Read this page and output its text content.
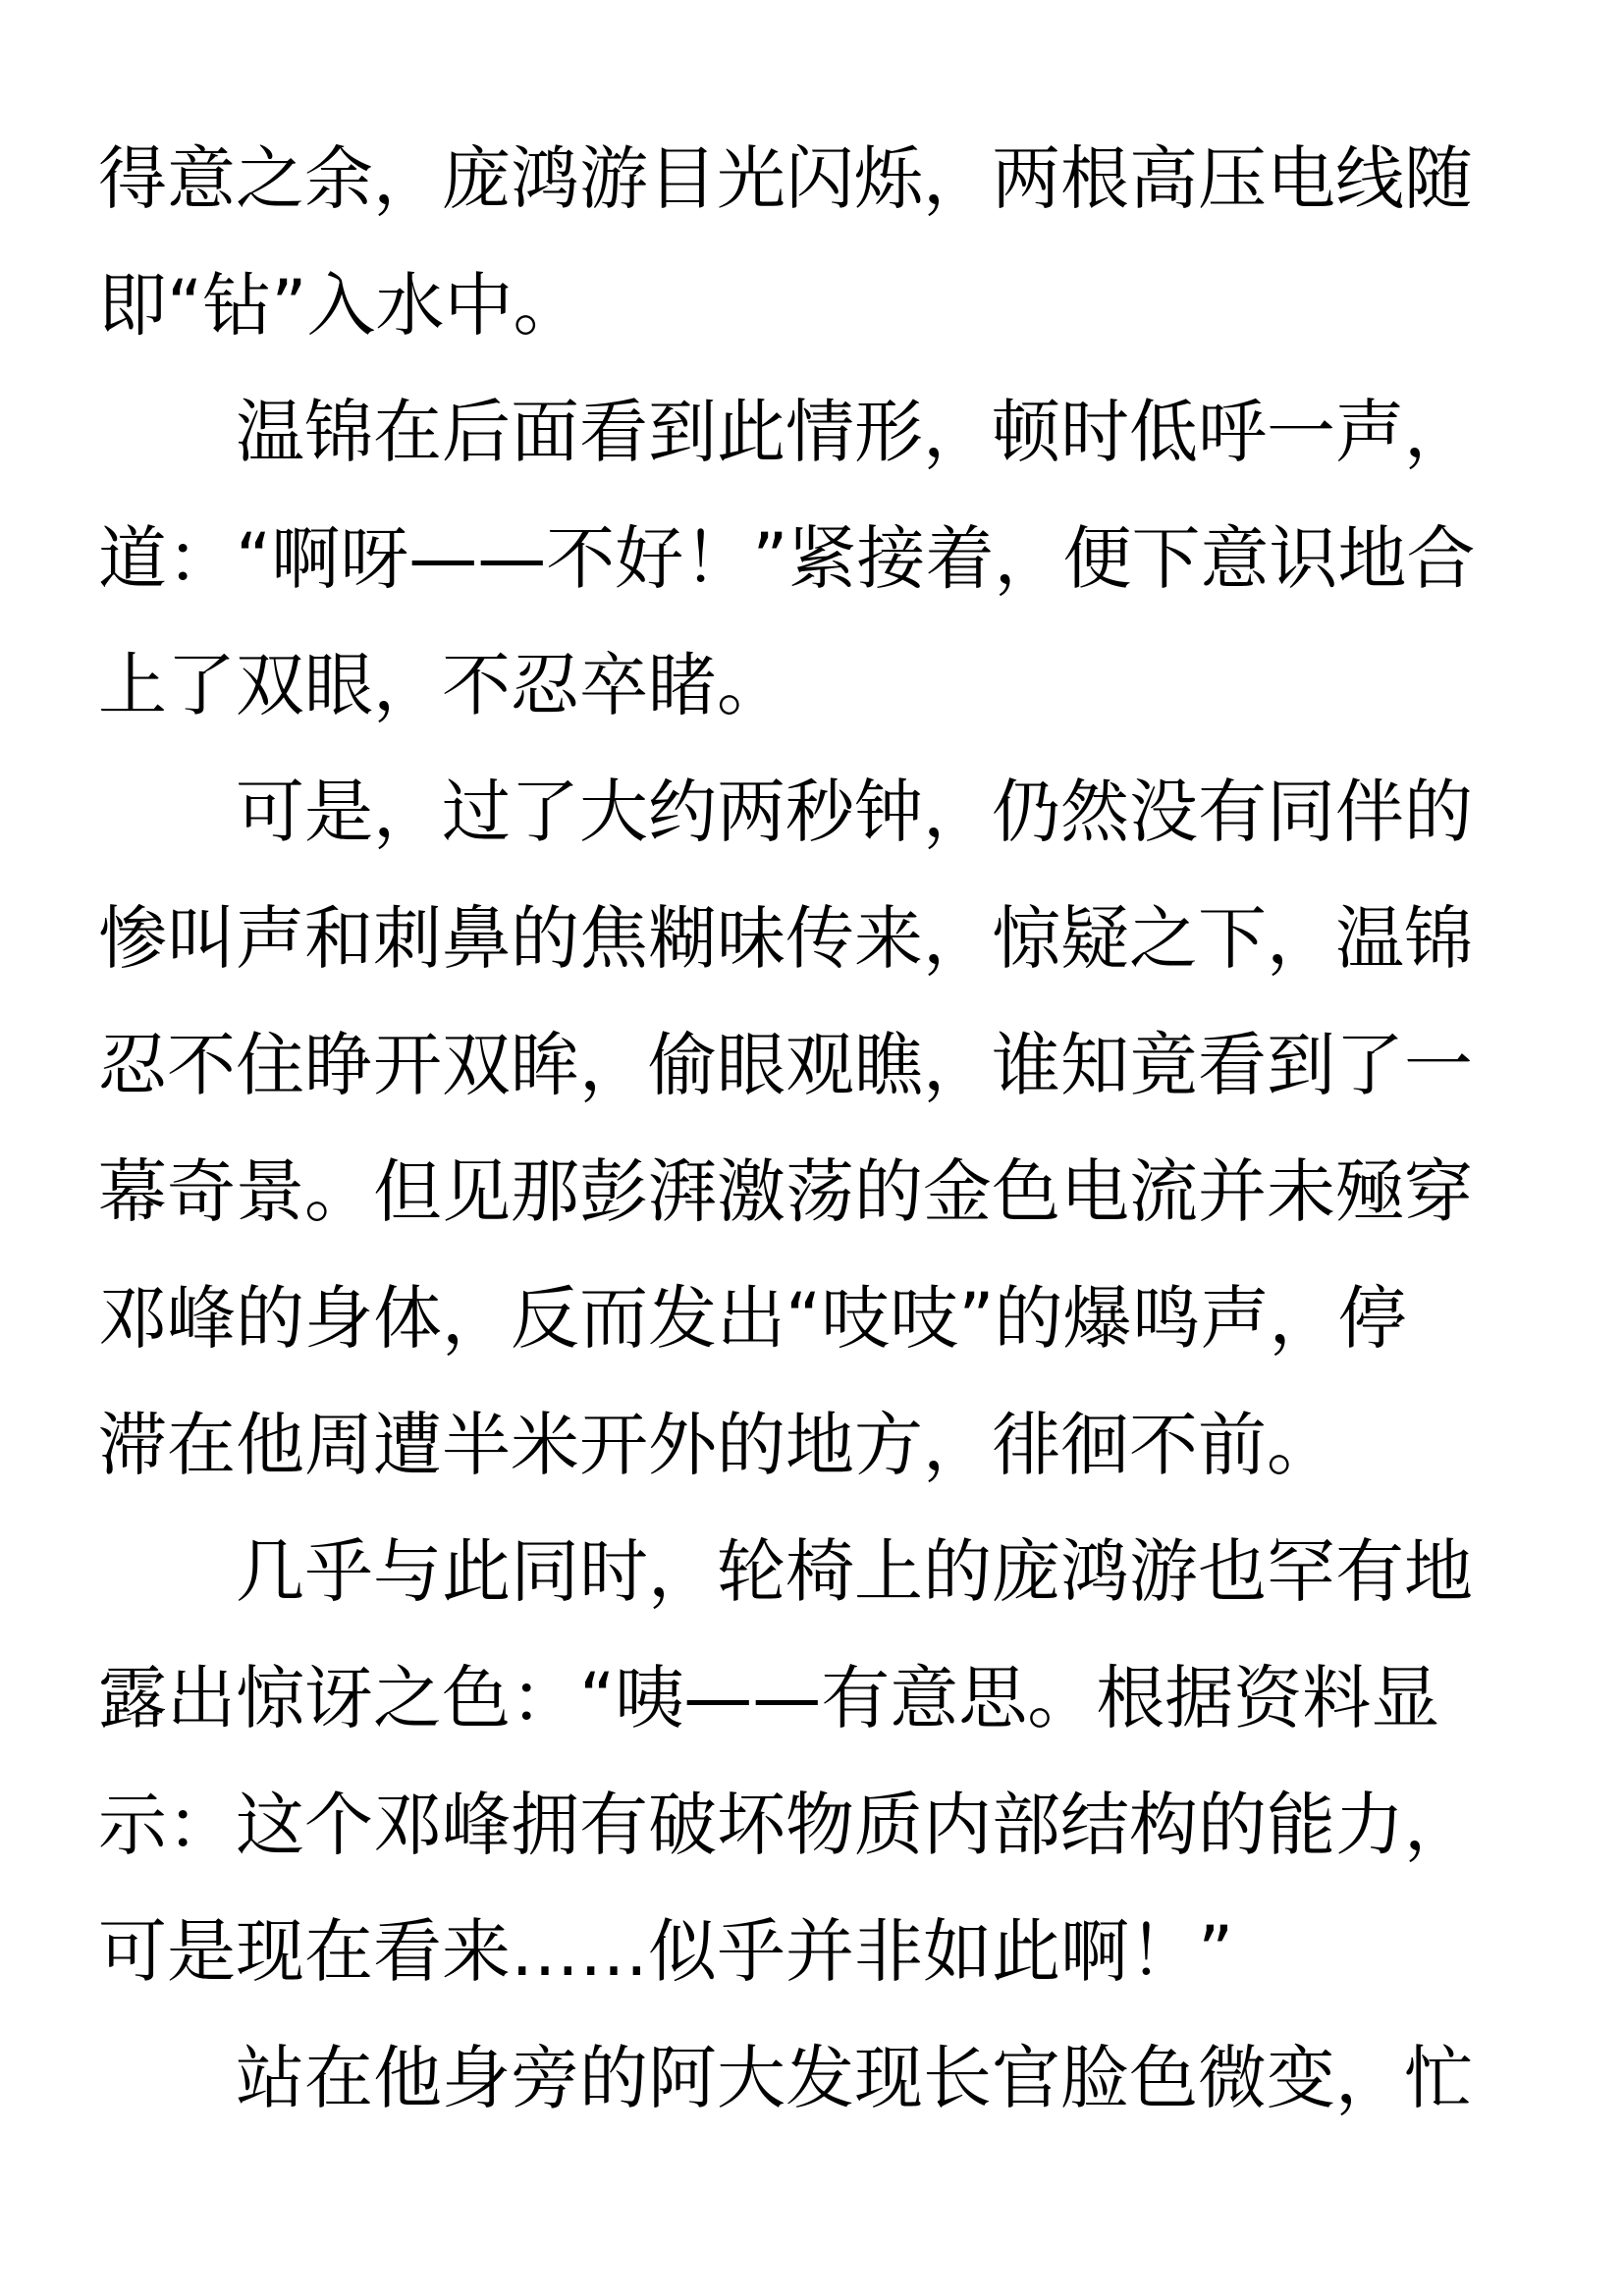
得意之余，庞鸿游目光闪烁，两根高压电线随
即“钻”入水中。
温锦在后面看到此情形，顿时低呼一声，
道：“啊呀——不好！”紧接着，便下意识地合
上了双眼，不忍卒睹。
可是，过了大约两秒钟，仍然没有同伴的
惨叫声和刺鼻的焦糊味传来，惊疑之下，温锦
忍不住睁开双眸，偷眼观瞧，谁知竟看到了一
幕奇景。但见那彭湃激荡的金色电流并未殛穿
邓峰的身体，反而发出“吱吱”的爆鸣声，停
滞在他周遭半米开外的地方，徘徊不前。
几乎与此同时，轮椅上的庞鸿游也罕有地
露出惊讶之色：“咦——有意思。根据资料显
示：这个邓峰拥有破坏物质内部结构的能力，
可是现在看来……似乎并非如此啊！”
站在他身旁的阿大发现长官脸色微变，忙
